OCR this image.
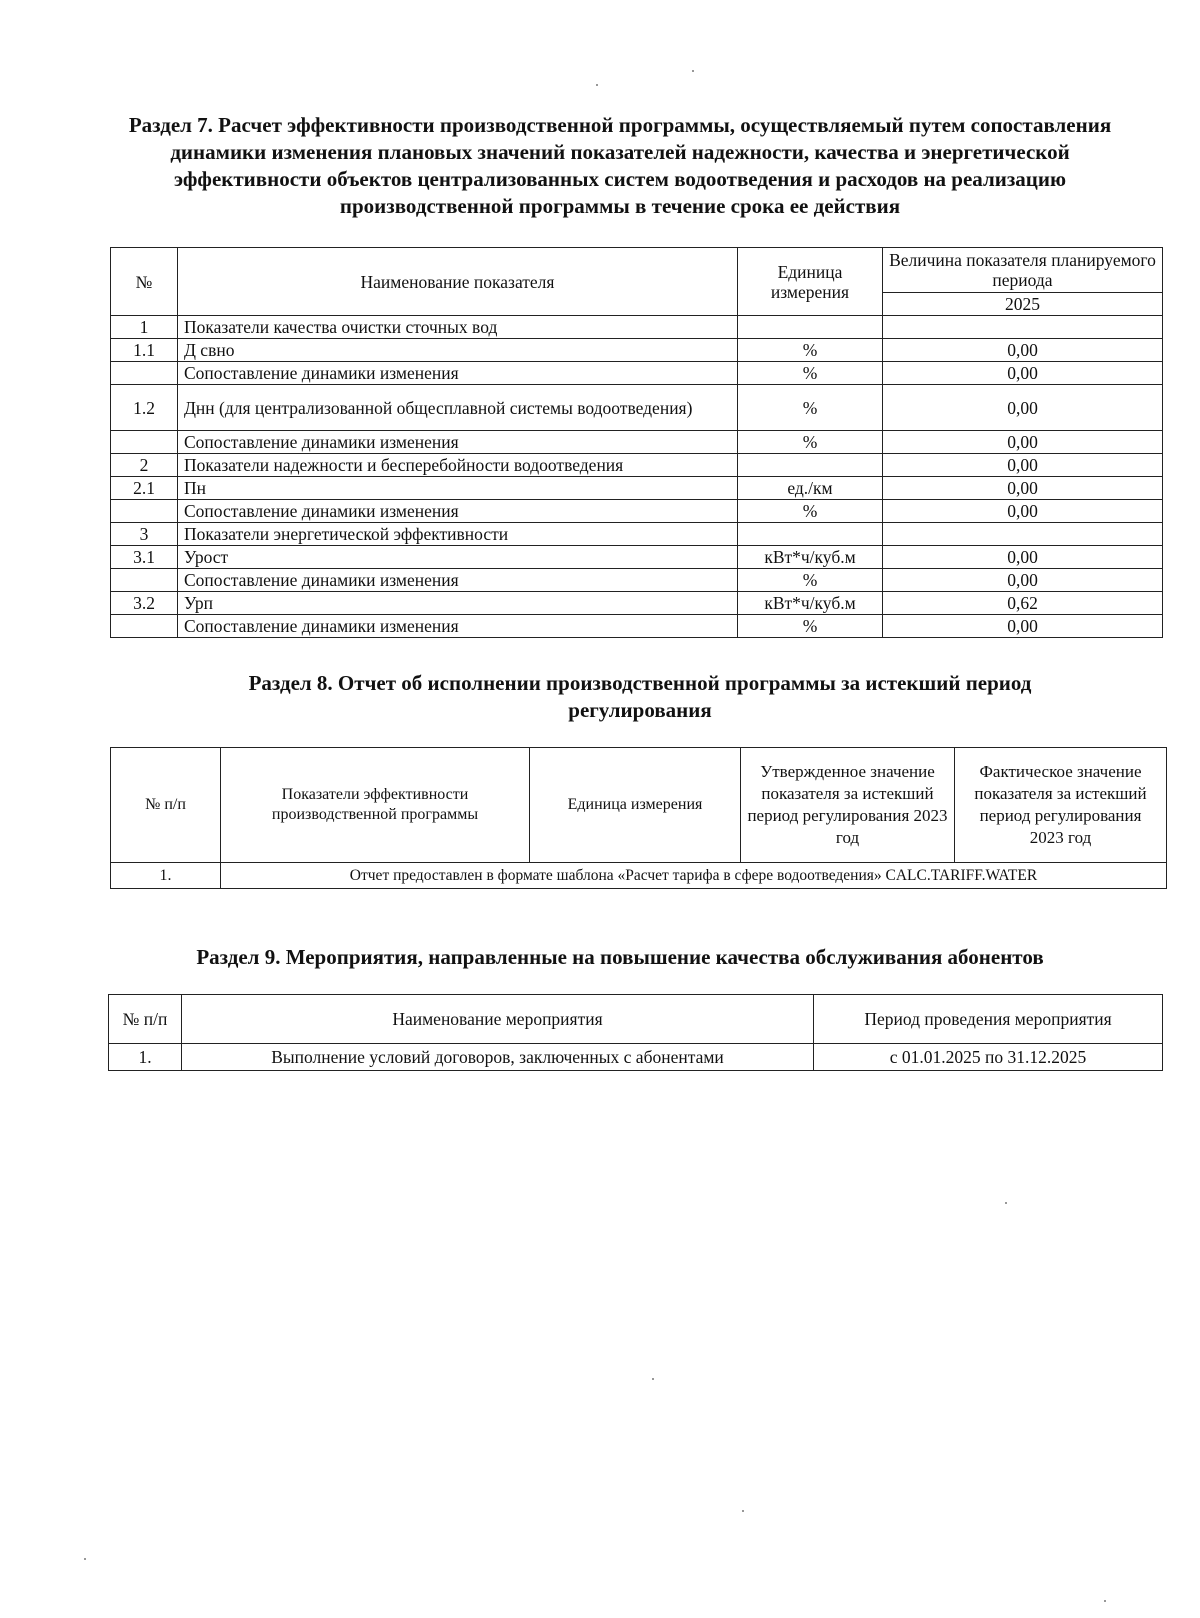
Раздел 7. Расчет эффективности производственной программы, осуществляемый путем сопоставления динамики изменения плановых значений показателей надежности, качества и энергетической эффективности объектов централизованных систем водоотведения и расходов на реализацию производственной программы в течение срока ее действия
№	Наименование показателя	Единица измерения	Величина показателя планируемого периода
			2025
1	Показатели качества очистки сточных вод		
1.1	Д свно	%	0,00
	Сопоставление динамики изменения	%	0,00
1.2	Днн (для централизованной общесплавной системы водоотведения)	%	0,00
	Сопоставление динамики изменения	%	0,00
2	Показатели надежности и бесперебойности водоотведения		0,00
2.1	Пн	ед./км	0,00
	Сопоставление динамики изменения	%	0,00
3	Показатели энергетической эффективности		
3.1	Урост	кВт*ч/куб.м	0,00
	Сопоставление динамики изменения	%	0,00
3.2	Урп	кВт*ч/куб.м	0,62
	Сопоставление динамики изменения	%	0,00
Раздел 8. Отчет об исполнении производственной программы за истекший период регулирования
№ п/п	Показатели эффективности производственной программы	Единица измерения	Утвержденное значение показателя за истекший период регулирования 2023 год	Фактическое значение показателя за истекший период регулирования 2023 год
1.	Отчет предоставлен в формате шаблона «Расчет тарифа в сфере водоотведения» CALC.TARIFF.WATER			
Раздел 9. Мероприятия, направленные на повышение качества обслуживания абонентов
№ п/п	Наименование мероприятия	Период проведения мероприятия
1.	Выполнение условий договоров, заключенных с абонентами	с 01.01.2025 по 31.12.2025
